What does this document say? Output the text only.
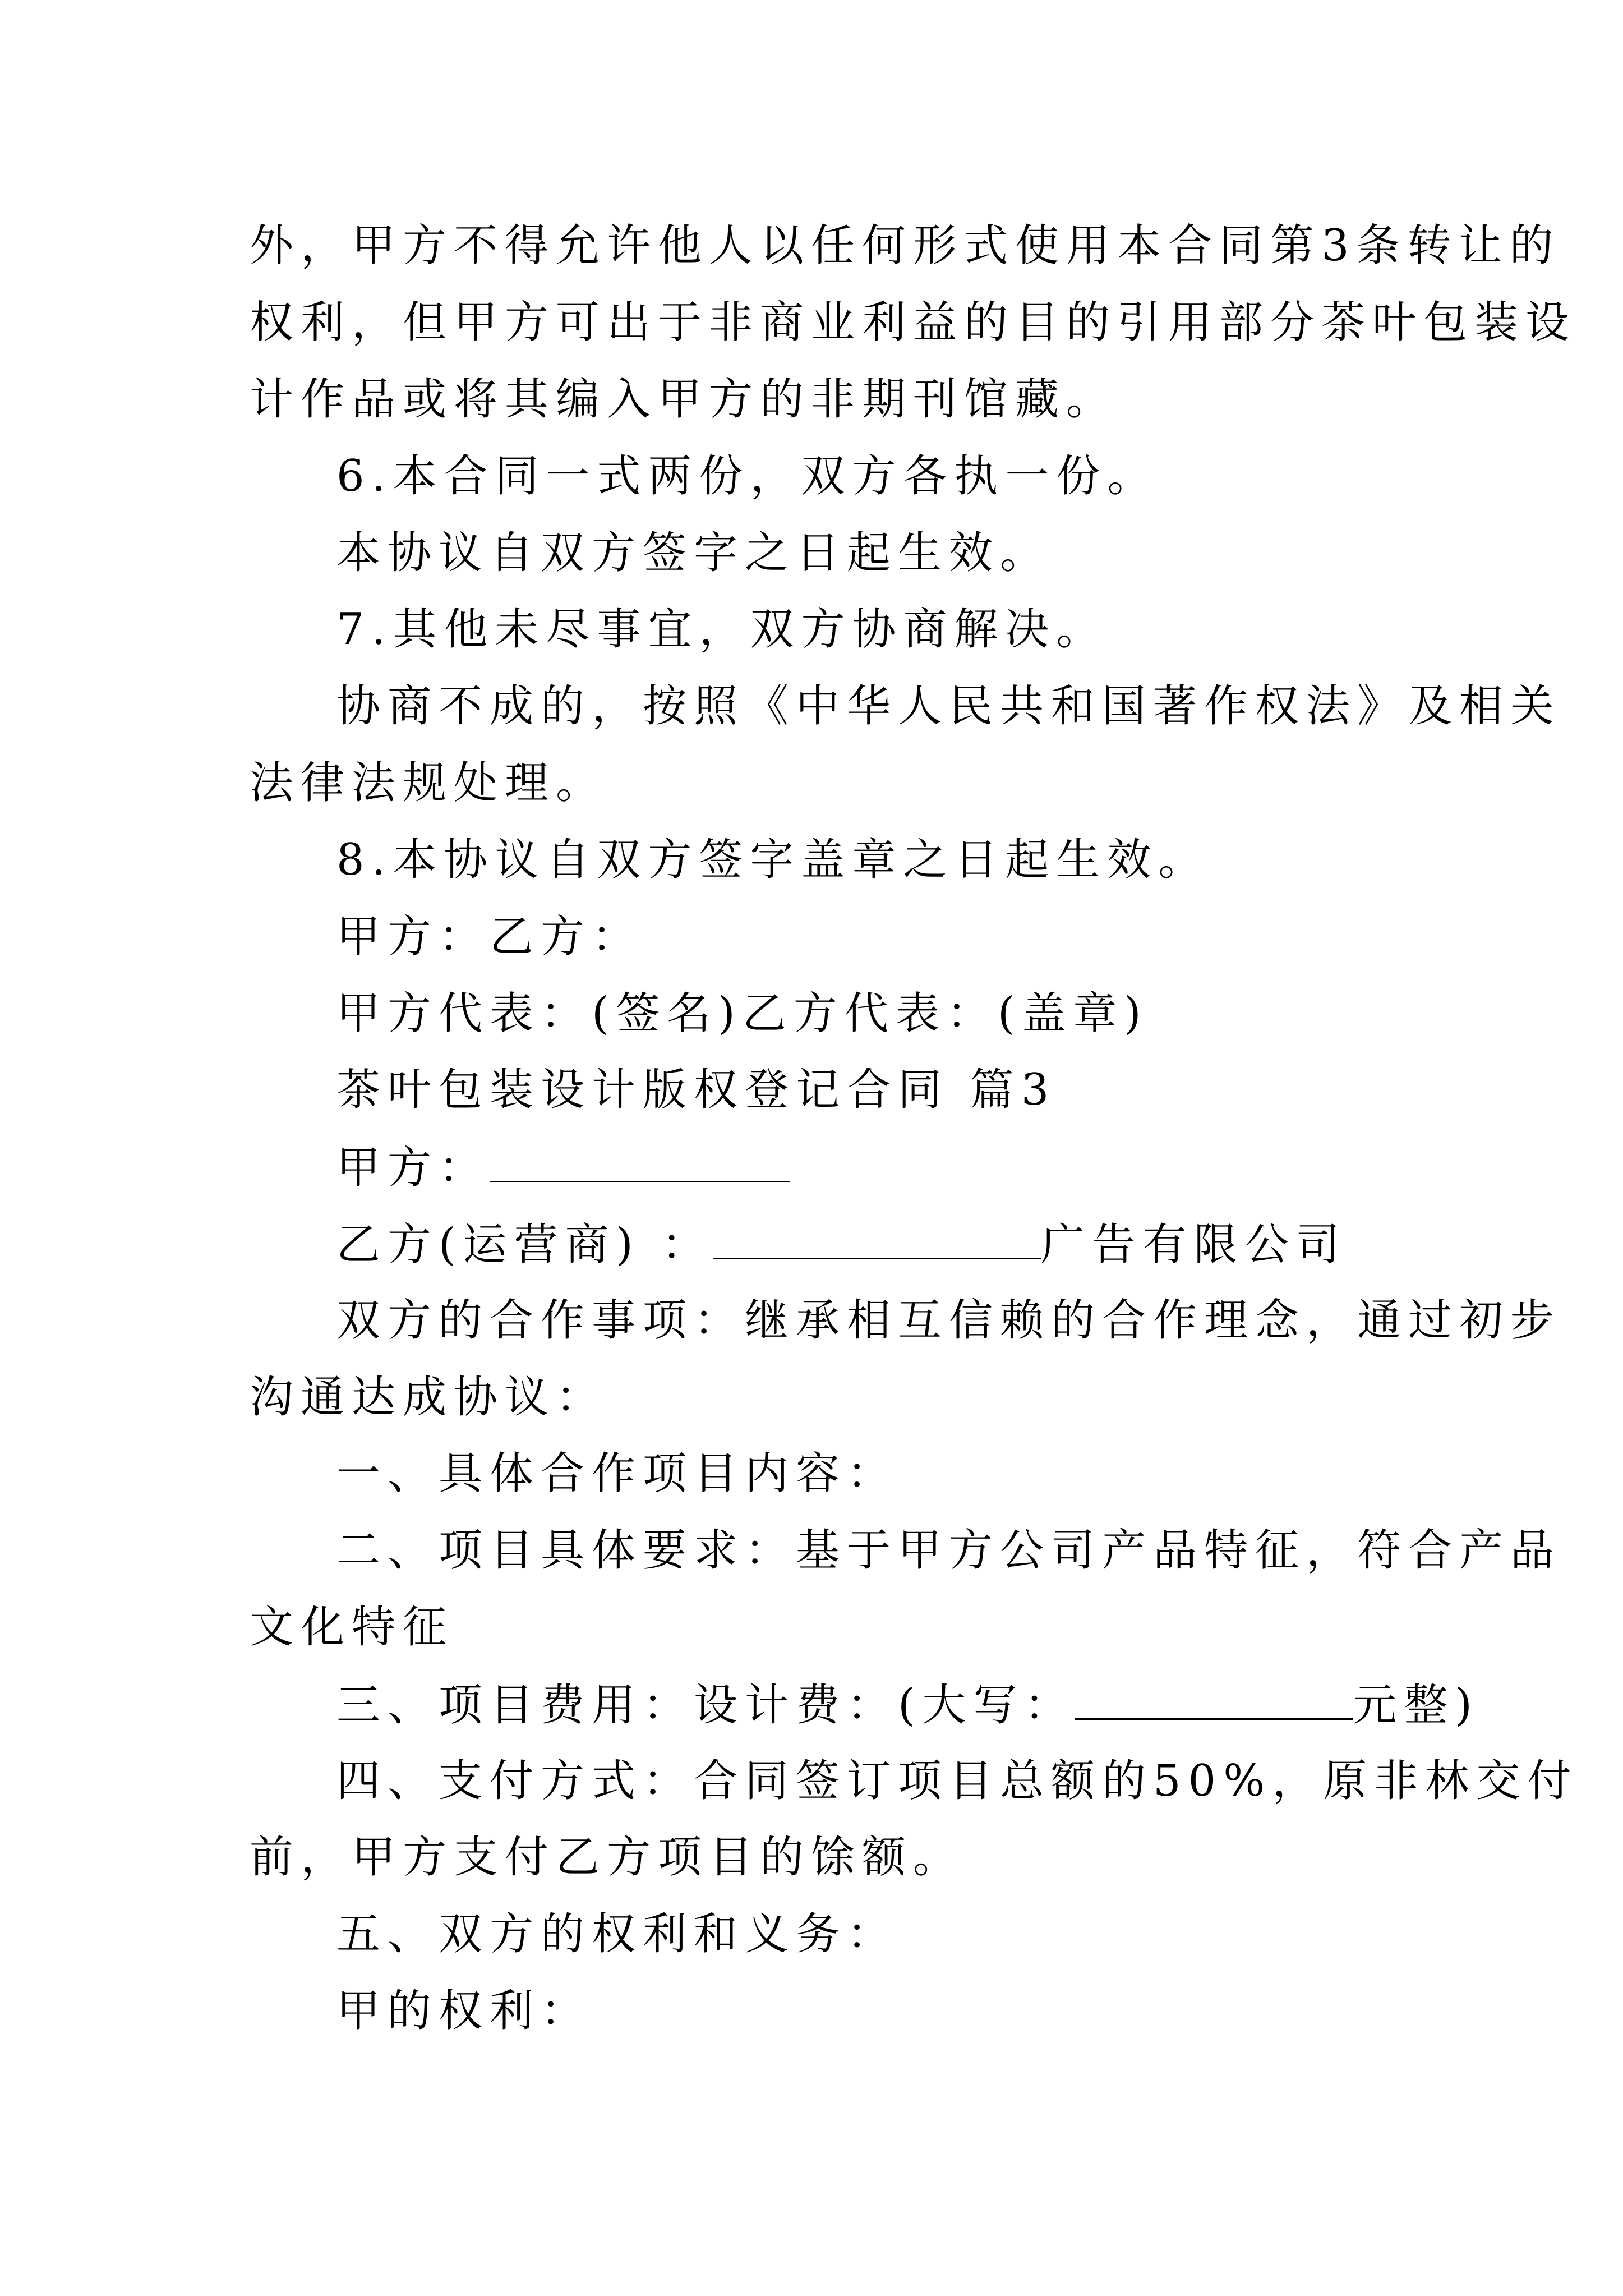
外，甲方不得允许他人以任何形式使用本合同第3条转让的
权利，但甲方可出于非商业利益的目的引用部分茶叶包装设
计作品或将其编入甲方的非期刊馆藏。
6.本合同一式两份，双方各执一份。
本协议自双方签字之日起生效。
7.其他未尽事宜，双方协商解决。
协商不成的，按照《中华人民共和国著作权法》及相关
法律法规处理。
8.本协议自双方签字盖章之日起生效。
甲方：乙方：
甲方代表：(签名)乙方代表：(盖章)
茶叶包装设计版权登记合同 篇3
甲方：
乙方(运营商) ：	广告有限公司
双方的合作事项：继承相互信赖的合作理念，通过初步
沟通达成协议：
一、具体合作项目内容：
二、项目具体要求：基于甲方公司产品特征，符合产品
文化特征
三、项目费用：设计费：(大写：	元整)
四、支付方式：合同签订项目总额的50%，原非林交付
前，甲方支付乙方项目的馀额。
五、双方的权利和义务：
甲的权利：
